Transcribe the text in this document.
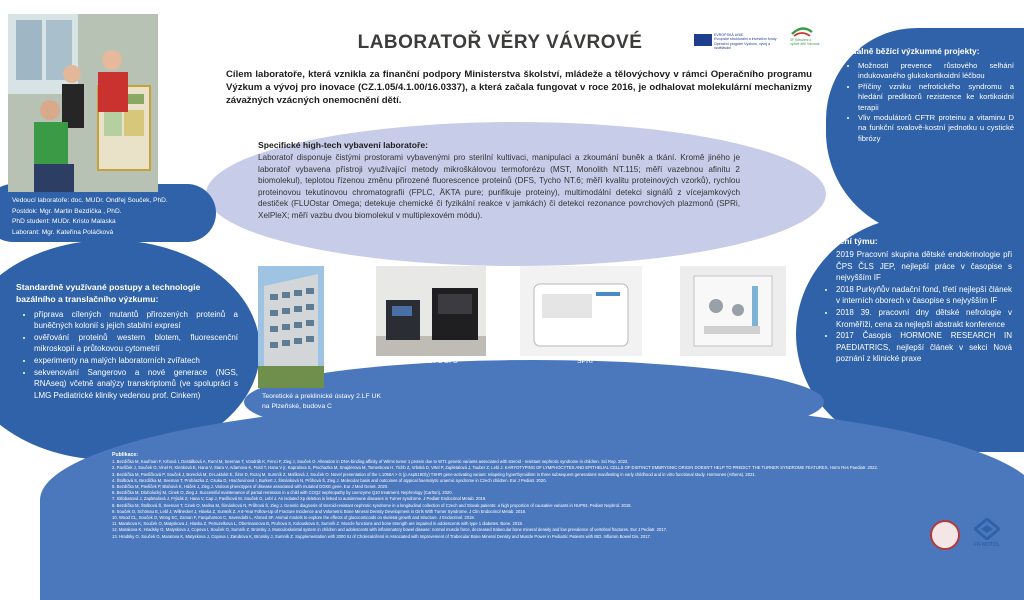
EVROPSKÁ UNIE
Evropské strukturální a investiční fondy
Operační program Výzkum, vývoj a vzdělávání
3F Sdružení o výživě dětí Vávrová
LABORATOŘ VĚRY VÁVROVÉ
Cílem laboratoře, která vznikla za finanční podpory Ministerstva školství, mládeže a tělovýchovy v rámci Operačního programu Výzkum a vývoj pro inovace (CZ.1.05/4.1.00/16.0337), a která začala fungovat v roce 2016, je odhalovat molekulární mechanizmy závažných vzácných onemocnění dětí.
Vedoucí laboratoře: doc. MUDr. Ondřej Souček, PhD.
Postdok: Mgr. Martin Bezdíčka , PhD.
PhD student: MUDr. Kristo Malaska
Laborant: Mgr. Kateřina Poláčková
Specifické high-tech vybavení laboratoře:
Laboratoř disponuje čistými prostorami vybavenými pro sterilní kultivaci, manipulaci a zkoumání buněk a tkání. Kromě jiného je laboratoř vybavena přístroji využívající metody mikroškálovou termoforézu (MST, Monolith NT.115; měří vazebnou afinitu 2 biomolekul), teplotou řízenou změnu přirozené fluorescence proteinů (DFS, Tycho NT.6; měří kvalitu proteinových vzorků), rychlou proteinovou tekutinovou chromatografii (FPLC, ÄKTA pure; purifikuje proteiny), multimodální detekci signálů z vícejamkových destiček (FLUOstar Omega; detekuje chemické či fyzikální reakce v jamkách) či detekci rezonance povrchových plazmonů (SPRi, XelPleX; měří vazbu dvou biomolekul v multiplexovém módu).
Aktuálně běžící výzkumné projekty:
• Možnosti prevence růstového selhání indukovaného glukokortikoidní léčbou
• Příčiny vzniku nefrotického syndromu a hledání prediktorů rezistence ke kortikoidní terapii
• Vliv modulátorů CFTR proteinu a vitaminu D na funkční svalově-kostní jednotku u cystické fibrózy
Ocenění týmu:
• 2019 Pracovní skupina dětské endokrinologie při ČPS ČLS JEP, nejlepší práce v časopise s nejvyšším IF
• 2018 Purkyňův nadační fond, třetí nejlepší článek v interních oborech v časopise s nejvyšším IF
• 2018 39. pracovní dny dětské nefrologie v Kroměříži, cena za nejlepší abstrakt konference
• 2017 Časopis HORMONE RESEARCH IN PAEDIATRICS, nejlepší článek v sekci Nová poznání z klinické praxe
Standardně využívané postupy a technologie bazálního a translačního výzkumu:
• příprava cílených mutantů přirozených proteinů a buněčných kolonií s jejich stabilní expresí
• ověřování proteinů western blotem, fluorescenční mikroskopií a průtokovou cytometrií
• experimenty na malých laboratorních zvířatech
• sekvenování Sangerovo a nové generace (NGS, RNAseq) včetně analýzy transkriptomů (ve spolupráci s LMG Pediatrické kliniky vedenou prof. Cinkem)	Teoretické a preklinické ústavy 2.LF UK na Plzeňské, budova C
MST a DFS	SPRI	FPLC
Publikace:
1. Bezdíčka M, Kaufman F, Krbová I, Dostálková A, Ruml M, Seeman T, Vondrák K, Fenci F, Zieg J, Souček O. Alteration in DNA-binding affinity of Wilms tumor 1 protein due to WT1 genetic variants associated with steroid - resistant nephrotic syndrome in children. Sci Rep. 2022.
2. Pavlíček J, Souček O, Vinel R, Klenková E, Hana V, Stara V, Adamova K, Füsti T, Hana V jr, Kapralova S, Prochazka M, Snajderova M, Tomenkova H, Tichb Z, Vrbská D, Vrtel P, Zapletalová J, Tauber Z, Lebl J. KARYOTYPING OF LYMPHOCYTES AND EPITHELIAL CELLS OF DISTINCT EMBRYONIC ORIGIN DOESN'T HELP TO PREDICT THE TURNER SYNDROME FEATURES. Horm Res Paediatr. 2022.
3. Bezdíčka M, Pavlíčková P, Souček J, Borecká M, Di-Laktokit E, Šimr D, Rozaj M, Sumník Z, Malíková J, Souček O. Novel presentation of the c.1058A > G (p.Asp519Gly) TSHR gene-activating variant: relapsing hyperthyroidism in three subsequent generations manifesting in early childhood and in vitro functional study. Hormones (Athens). 2021.
4. Štolbová S, Bezdíčka M, Seeman T, Prohászka Z, Csuka D, Hrachovinová I, Burkert J, Šimánková N, Průhová Š, Zieg J. Molecular basis and outcomes of atypical haemolytic uraemic syndrome in Czech children. Eur J Pediatr. 2020.
5. Bezdíčka M, Pavlíček P, Blahová K, Háček J, Zieg J. Various phenotypes of disease associated with mutated DGKE gene. Eur J Med Genet. 2020.
6. Bezdíčka M, Dluholucký M, Cinek O, Zieg J. Successful maintenance of partial remission in a child with COQ2 nephropathy by coenzyme Q10 treatment. Nephrology (Carlton). 2020.
7. Sklobasová J, Zapletalová J, Frýsák Z, Hana V, Cap J, Pavlíková M, Souček O, Lebl J. An isolated Xp deletion is linked to autoimmune diseases in Turner syndrome. J Pediatr Endocrinol Metab. 2019.
8. Bezdíčka M, Štolbová Š, Seeman T, Cinek O, Malina M, Šimánková N, Průhová Š, Zieg J. Genetic diagnosis of steroid-resistant nephrotic syndrome in a longitudinal collection of Czech and Slovak patients: a high proportion of causative variants in NUP93. Pediatr Nephrol. 2018.
9. Souček O, Schönau E, Lebl J, Willnecker J, Hlavka Z, Sumník Z. A 6-Year Follow-Up of Fracture Incidence and Volumetric Bone Mineral Density Development in Girls With Turner Syndrome. J Clin Endocrinol Metab. 2018.
10. Wood CL, Souček O, Wong SC, Zaman F, Farquharson C, Savendahl L, Ahmed SF. Animal models to explore the effects of glucocorticoids on skeletal growth and structure. J Endocrinol. 2018.
11. Marakova K, Souček O, Matyskova J, Hlavka Z, Petruzelkova L, Obermannova B, Pruhova S, Kolouskova S, Sumník Z. Muscle functions and bone strength are impaired in adolescents with type 1 diabetes. Bone. 2018.
12. Marakova K, Hradsky O, Matyskova J, Copova I, Souček O, Sumník Z, Bronsky J. Musculoskeletal system in children and adolescents with inflammatory bowel disease: normal muscle force, decreased trabecular bone mineral density and low prevalence of vertebral fractures. Eur J Pediatr. 2017.
13. Hradsky O, Souček O, Maratova K, Matyskova J, Copova I, Zarubova K, Bronsky J, Sumník Z. Supplementation with 2000 IU of Cholecalciferol is Associated with Improvement of Trabecular Bone Mineral Density and Muscle Power in Pediatric Patients with IBD. Inflamm Bowel Dis. 2017.
FN MOTOL
